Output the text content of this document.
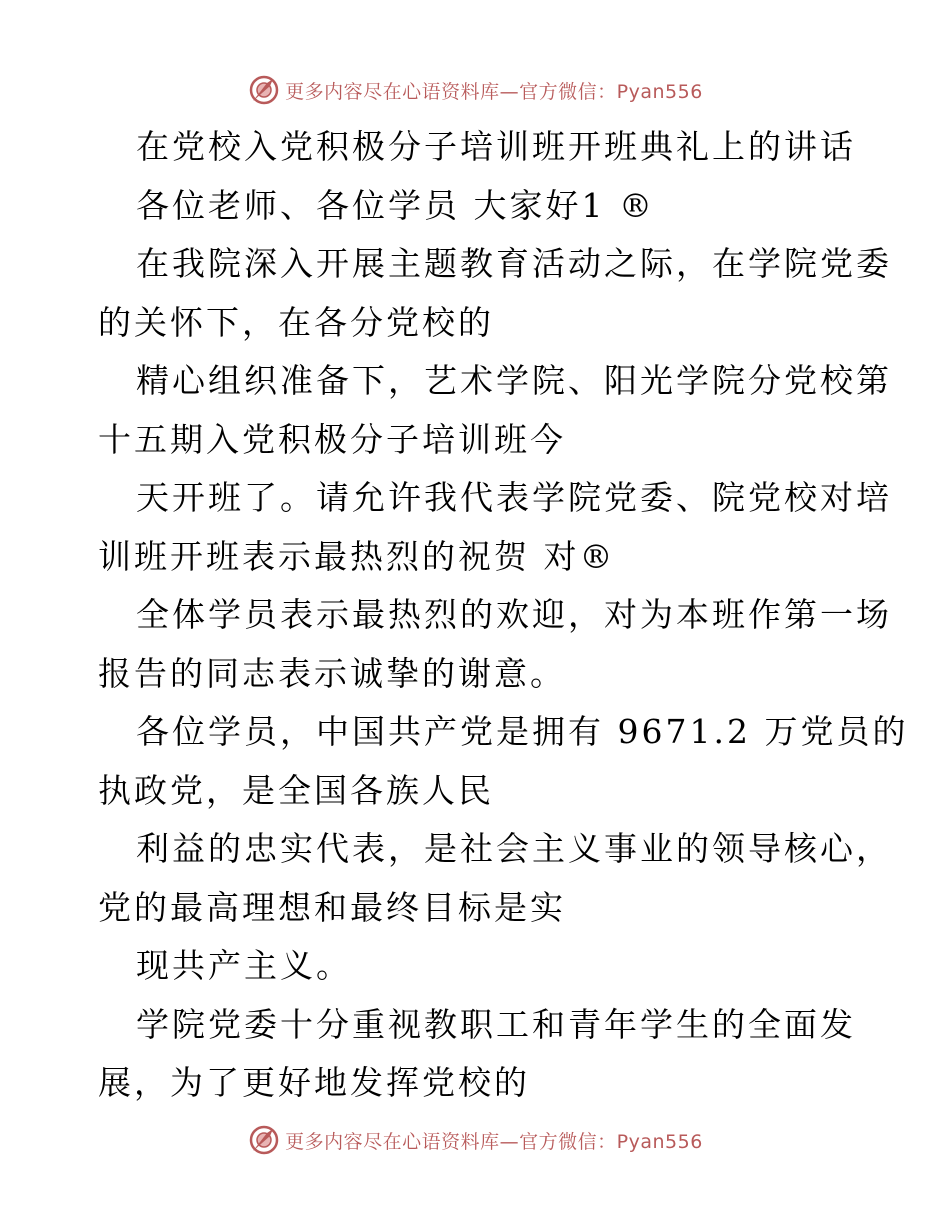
更多内容尽在心语资料库—官方微信：Pyan556
在党校入党积极分子培训班开班典礼上的讲话
各位老师、各位学员 大家好1 ®
在我院深入开展主题教育活动之际，在学院党委
的关怀下，在各分党校的
精心组织准备下，艺术学院、阳光学院分党校第
十五期入党积极分子培训班今
天开班了。请允许我代表学院党委、院党校对培
训班开班表示最热烈的祝贺 对®
全体学员表示最热烈的欢迎，对为本班作第一场
报告的同志表示诚挚的谢意。
各位学员，中国共产党是拥有 9671.2 万党员的
执政党，是全国各族人民
利益的忠实代表，是社会主义事业的领导核心，
党的最高理想和最终目标是实
现共产主义。
学院党委十分重视教职工和青年学生的全面发
展，为了更好地发挥党校的
更多内容尽在心语资料库—官方微信：Pyan556
